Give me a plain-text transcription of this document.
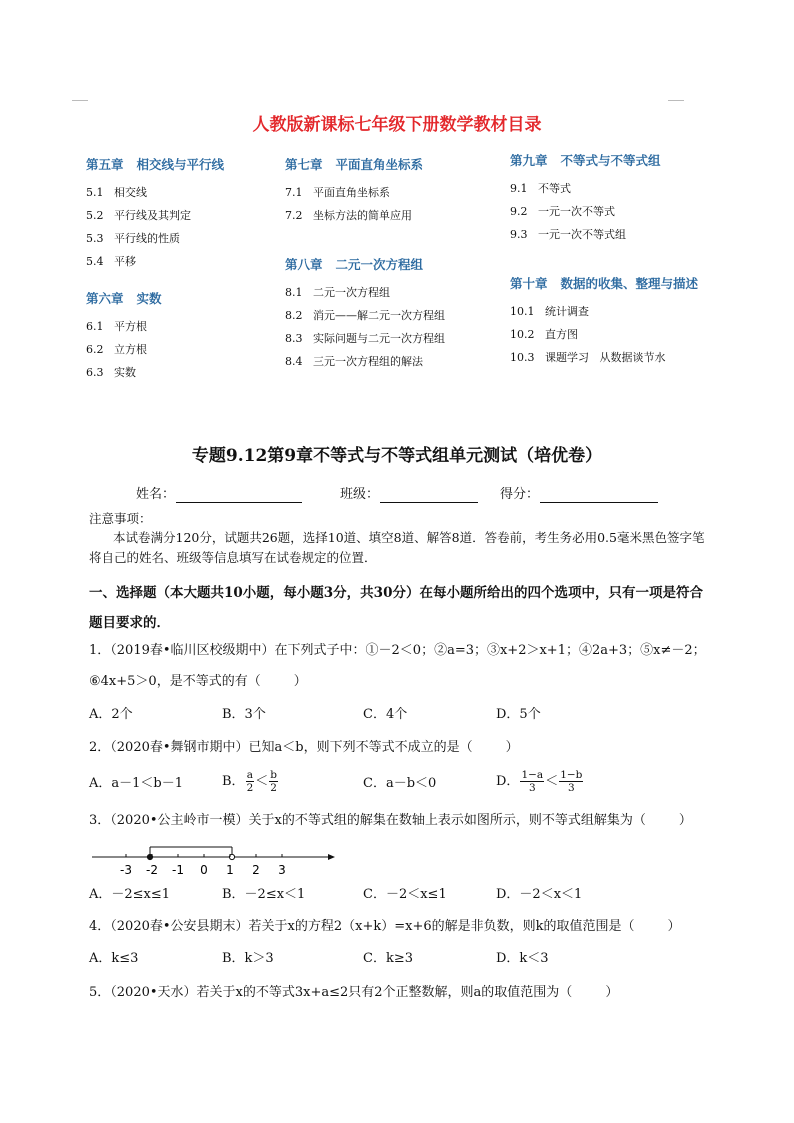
人教版新课标七年级下册数学教材目录
第五章   相交线与平行线
5.1   相交线
5.2   平行线及其判定
5.3   平行线的性质
5.4   平移
第六章   实数
6.1   平方根
6.2   立方根
6.3   实数
第七章   平面直角坐标系
7.1   平面直角坐标系
7.2   坐标方法的简单应用
第八章   二元一次方程组
8.1   二元一次方程组
8.2   消元——解二元一次方程组
8.3   实际问题与二元一次方程组
8.4   三元一次方程组的解法
第九章   不等式与不等式组
9.1   不等式
9.2   一元一次不等式
9.3   一元一次不等式组
第十章   数据的收集、整理与描述
10.1   统计调查
10.2   直方图
10.3   课题学习   从数据谈节水
专题9.12第9章不等式与不等式组单元测试（培优卷）
姓名：	班级：	得分：
注意事项：
本试卷满分120分，试题共26题，选择10道、填空8道、解答8道．答卷前，考生务必用0.5毫米黑色签字笔将自己的姓名、班级等信息填写在试卷规定的位置．
一、选择题（本大题共10小题，每小题3分，共30分）在每小题所给出的四个选项中，只有一项是符合题目要求的．
1．（2019春•临川区校级期中）在下列式子中：①－2＜0；②a=3；③x+2＞x+1；④2a+3；⑤x≠－2；
⑥4x+5＞0，是不等式的有（        ）
A．2个	B．3个	C．4个	D．5个
2．（2020春•舞钢市期中）已知a＜b，则下列不等式不成立的是（        ）
A．a－1＜b－1	B． $\frac{a}{2} < \frac{b}{2}$	C．a－b＜0	D． $\frac{1-a}{3} < \frac{1-b}{3}$
3．（2020•公主岭市一模）关于x的不等式组的解集在数轴上表示如图所示，则不等式组解集为（        ）
-3 -2 -1 0 1 2 3
A．－2≤x≤1	B．－2≤x＜1	C．－2＜x≤1	D．－2＜x＜1
4．（2020春•公安县期末）若关于x的方程2（x+k）=x+6的解是非负数，则k的取值范围是（        ）
A．k≤3	B．k＞3	C．k≥3	D．k＜3
5．（2020•天水）若关于x的不等式3x+a≤2只有2个正整数解，则a的取值范围为（        ）
